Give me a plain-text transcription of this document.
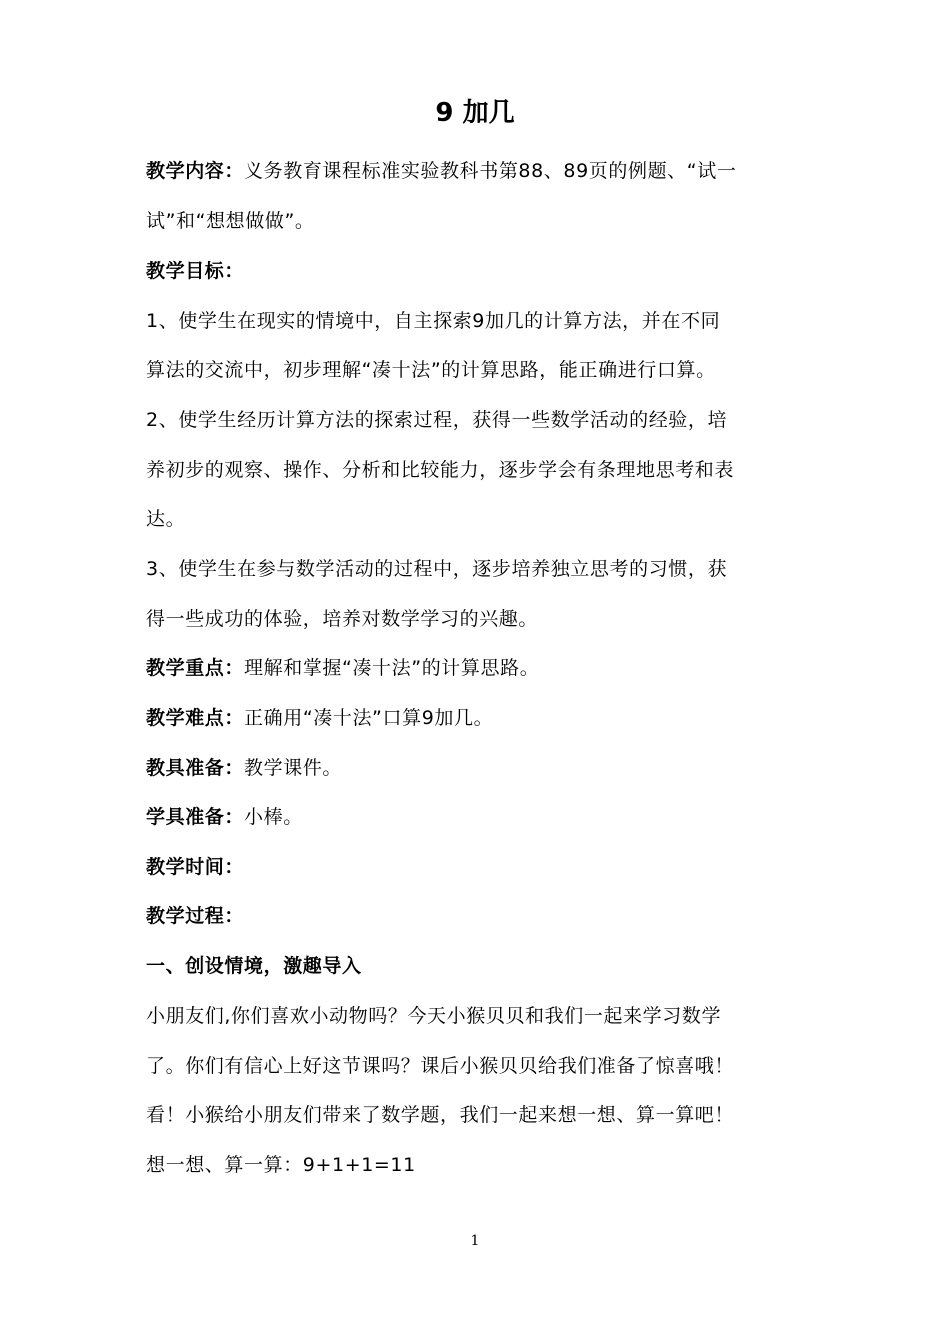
9 加几

教学内容：义务教育课程标准实验教科书第88、89页的例题、“试一

试”和“想想做做”。

教学目标：

1、使学生在现实的情境中，自主探索9加几的计算方法，并在不同

算法的交流中，初步理解“凑十法”的计算思路，能正确进行口算。

2、使学生经历计算方法的探索过程，获得一些数学活动的经验，培

养初步的观察、操作、分析和比较能力，逐步学会有条理地思考和表

达。

3、使学生在参与数学活动的过程中，逐步培养独立思考的习惯，获

得一些成功的体验，培养对数学学习的兴趣。

教学重点：理解和掌握“凑十法”的计算思路。

教学难点：正确用“凑十法”口算9加几。

教具准备：教学课件。

学具准备：小棒。

教学时间：

教学过程：

一、创设情境，激趣导入

小朋友们,你们喜欢小动物吗？今天小猴贝贝和我们一起来学习数学

了。你们有信心上好这节课吗？课后小猴贝贝给我们准备了惊喜哦！

看！小猴给小朋友们带来了数学题，我们一起来想一想、算一算吧！

想一想、算一算：9+1+1=11

1
